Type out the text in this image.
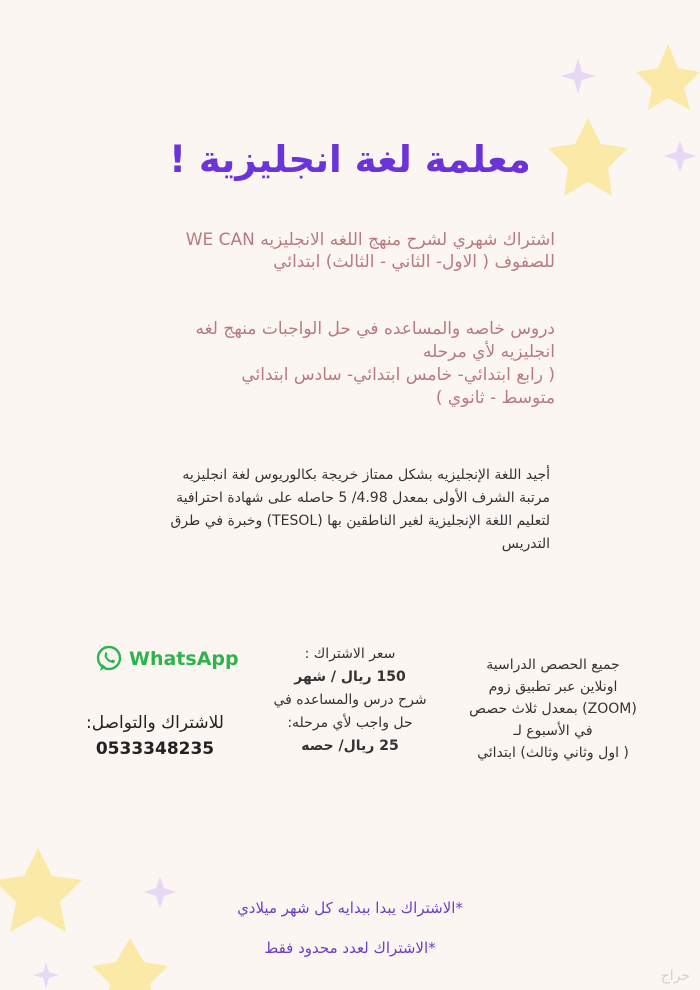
معلمة لغة انجليزية !
اشتراك شهري لشرح منهج اللغه الانجليزيه WE CAN
للصفوف ( الاول- الثاني - الثالث) ابتدائي
دروس خاصه والمساعده في حل الواجبات منهج لغه
انجليزيه لأي مرحله
( رابع ابتدائي- خامس ابتدائي- سادس ابتدائي
متوسط - ثانوي )
أجيد اللغة الإنجليزيه بشكل ممتاز خريجة بكالوريوس لغة انجليزيه
مرتبة الشرف الأولى بمعدل 4.98/ 5 حاصله على شهادة احترافية
لتعليم اللغة الإنجليزية لغير الناطقين بها (TESOL) وخبرة في طرق
التدريس
جميع الحصص الدراسية
اونلاين عبر تطبيق زوم
(ZOOM) بمعدل ثلاث حصص
في الأسبوع لـ
( اول وثاني وثالث) ابتدائي
سعر الاشتراك :
150 ريال / شهر
شرح درس والمساعده في
حل واجب لأي مرحله:
25 ريال/ حصه
WhatsApp
للاشتراك والتواصل:
0533348235
*الاشتراك يبدا ببدايه كل شهر ميلادي
*الاشتراك لعدد محدود فقط
حراج
